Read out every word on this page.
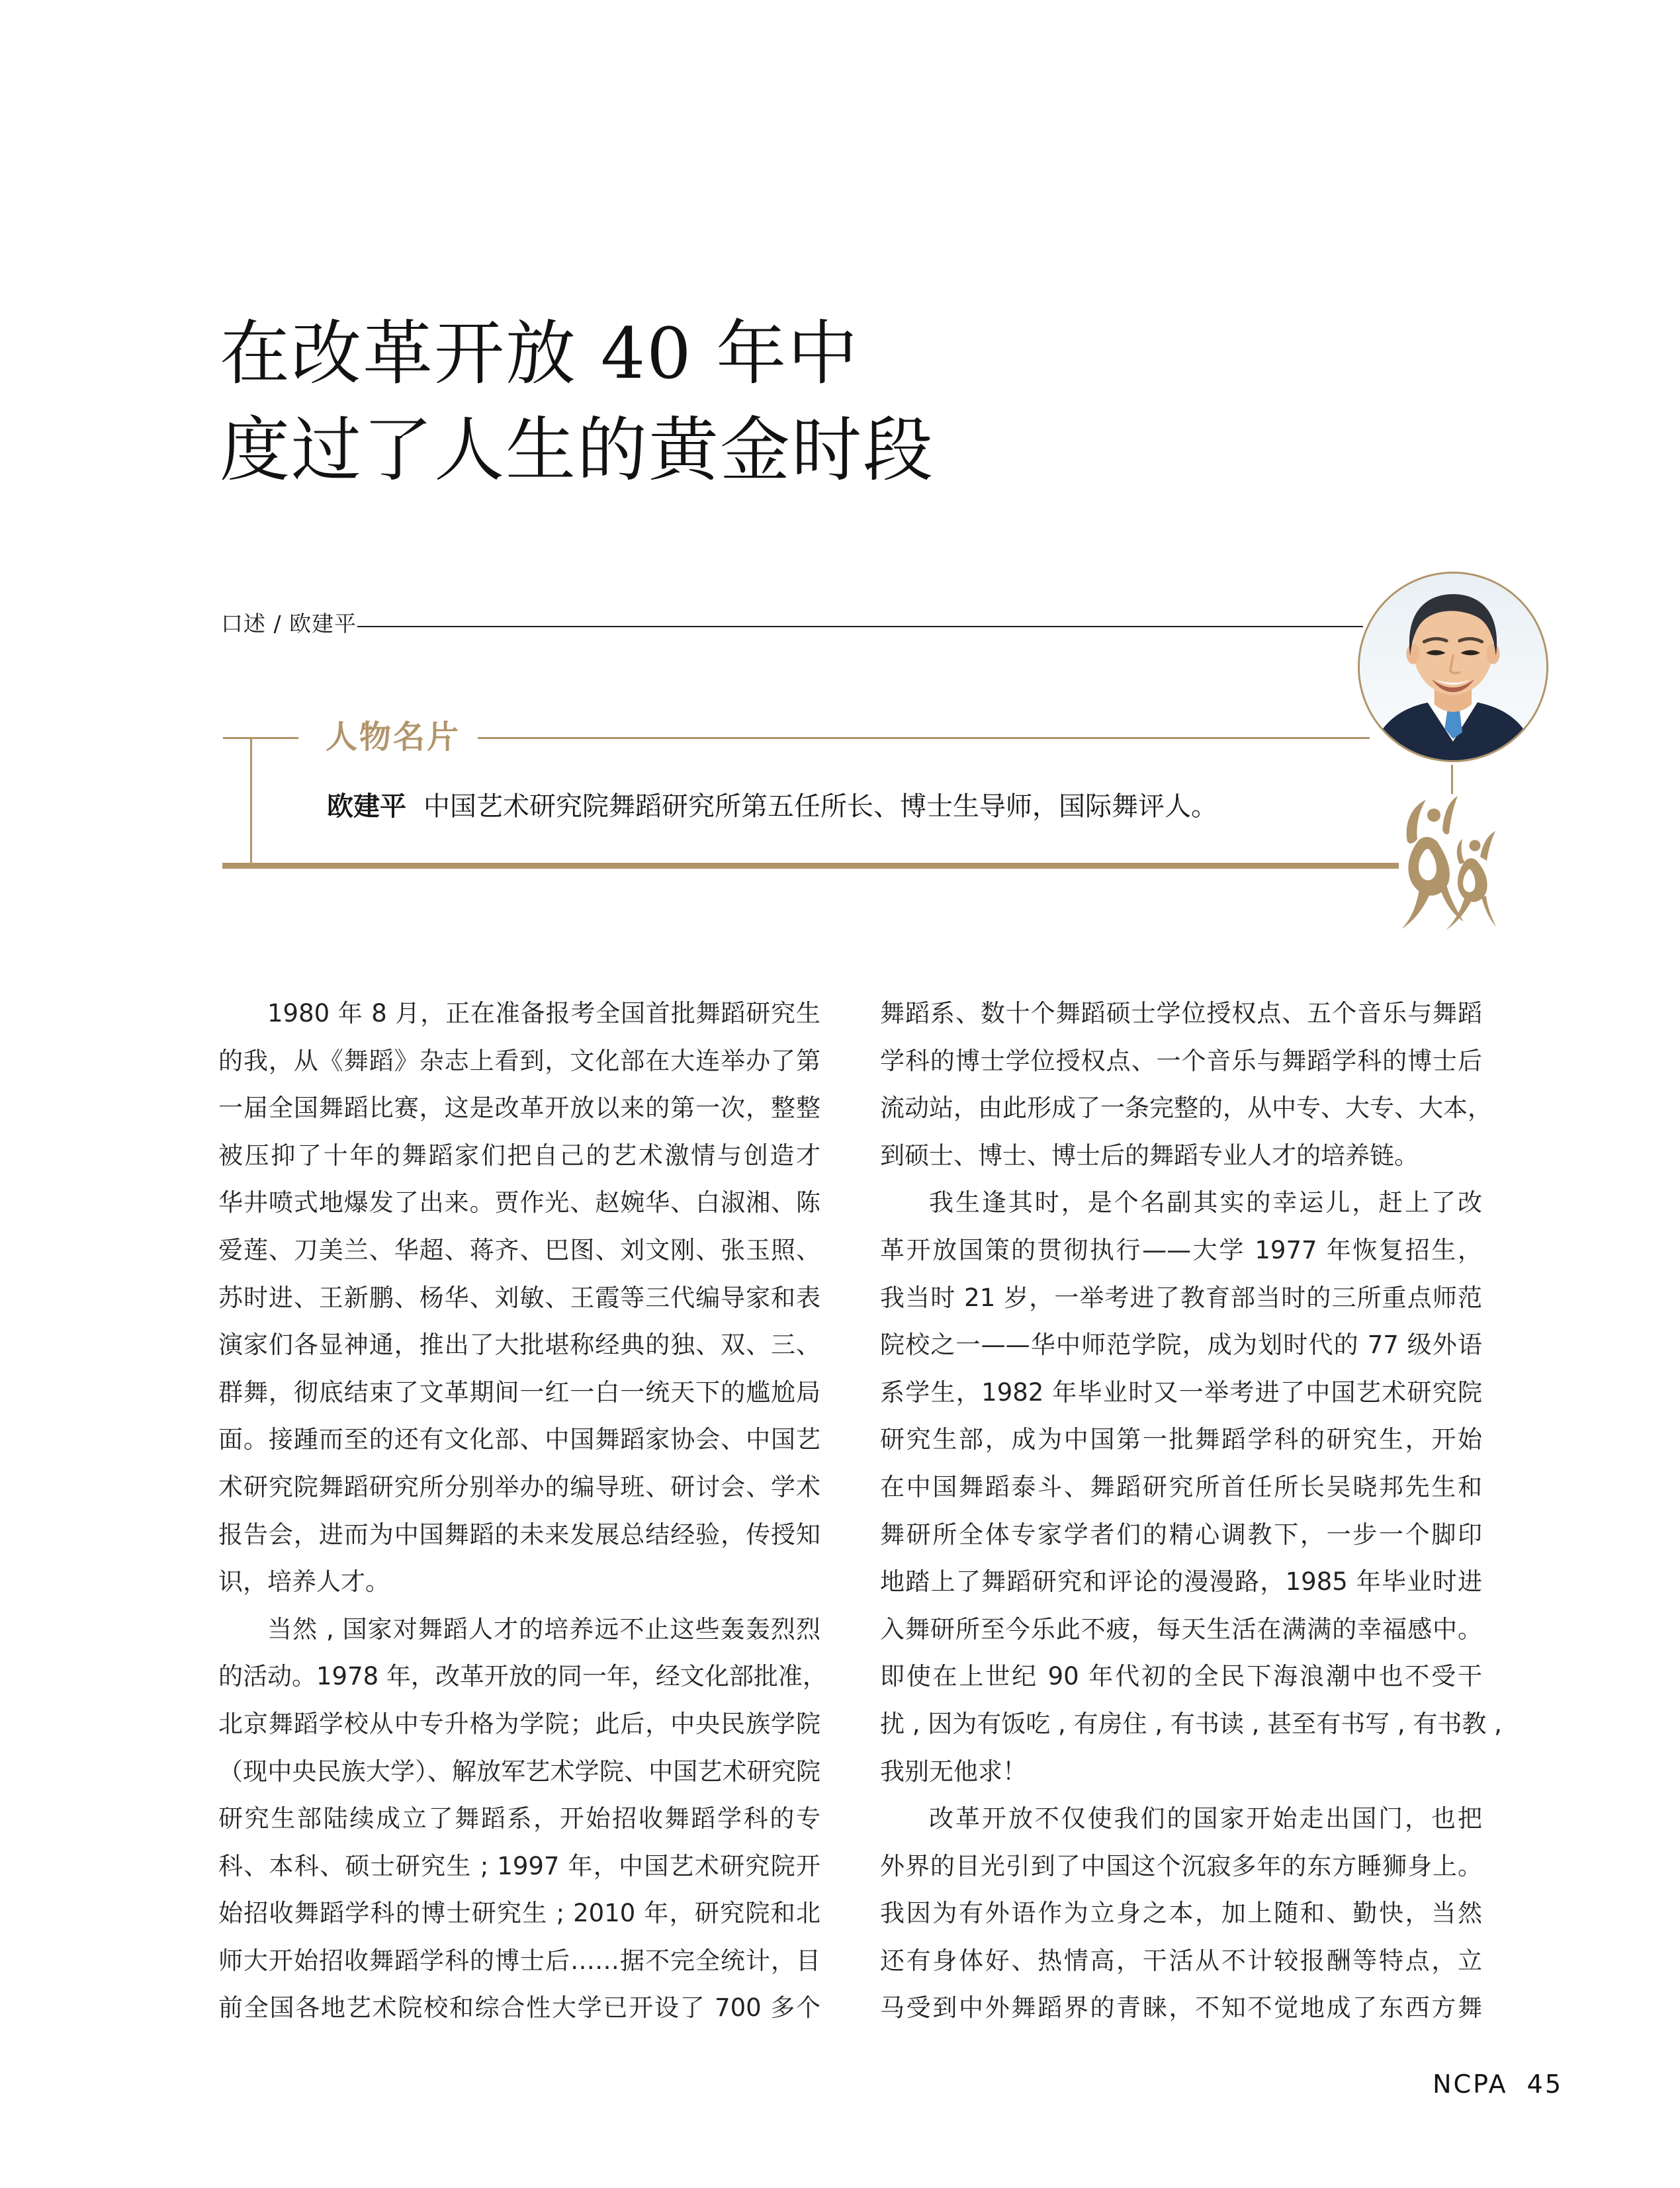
在改革开放 40 年中
度过了人生的黄金时段
口述 / 欧建平
人物名片
欧建平 中国艺术研究院舞蹈研究所第五任所长、博士生导师，国际舞评人。
1980 年 8 月，正在准备报考全国首批舞蹈研究生
的我，从《舞蹈》杂志上看到，文化部在大连举办了第
一届全国舞蹈比赛，这是改革开放以来的第一次，整整
被压抑了十年的舞蹈家们把自己的艺术激情与创造才
华井喷式地爆发了出来。贾作光、赵婉华、白淑湘、陈
爱莲、刀美兰、华超、蒋齐、巴图、刘文刚、张玉照、
苏时进、王新鹏、杨华、刘敏、王霞等三代编导家和表
演家们各显神通，推出了大批堪称经典的独、双、三、
群舞，彻底结束了文革期间一红一白一统天下的尴尬局
面。接踵而至的还有文化部、中国舞蹈家协会、中国艺
术研究院舞蹈研究所分别举办的编导班、研讨会、学术
报告会，进而为中国舞蹈的未来发展总结经验，传授知
识，培养人才。
当然 , 国家对舞蹈人才的培养远不止这些轰轰烈烈
的活动。1978 年，改革开放的同一年，经文化部批准，
北京舞蹈学校从中专升格为学院；此后，中央民族学院
（现中央民族大学）、解放军艺术学院、中国艺术研究院
研究生部陆续成立了舞蹈系，开始招收舞蹈学科的专
科、本科、硕士研究生 ; 1997 年，中国艺术研究院开
始招收舞蹈学科的博士研究生 ; 2010 年，研究院和北
师大开始招收舞蹈学科的博士后……据不完全统计，目
前全国各地艺术院校和综合性大学已开设了 700 多个
舞蹈系、数十个舞蹈硕士学位授权点、五个音乐与舞蹈
学科的博士学位授权点、一个音乐与舞蹈学科的博士后
流动站，由此形成了一条完整的，从中专、大专、大本，
到硕士、博士、博士后的舞蹈专业人才的培养链。
我生逢其时，是个名副其实的幸运儿，赶上了改
革开放国策的贯彻执行——大学 1977 年恢复招生，
我当时 21 岁，一举考进了教育部当时的三所重点师范
院校之一——华中师范学院，成为划时代的 77 级外语
系学生，1982 年毕业时又一举考进了中国艺术研究院
研究生部，成为中国第一批舞蹈学科的研究生，开始
在中国舞蹈泰斗、舞蹈研究所首任所长吴晓邦先生和
舞研所全体专家学者们的精心调教下，一步一个脚印
地踏上了舞蹈研究和评论的漫漫路，1985 年毕业时进
入舞研所至今乐此不疲，每天生活在满满的幸福感中。
即使在上世纪 90 年代初的全民下海浪潮中也不受干
扰 , 因为有饭吃 , 有房住 , 有书读 , 甚至有书写 , 有书教 ,
我别无他求！
改革开放不仅使我们的国家开始走出国门，也把
外界的目光引到了中国这个沉寂多年的东方睡狮身上。
我因为有外语作为立身之本，加上随和、勤快，当然
还有身体好、热情高，干活从不计较报酬等特点，立
马受到中外舞蹈界的青睐，不知不觉地成了东西方舞
NCPA 45
